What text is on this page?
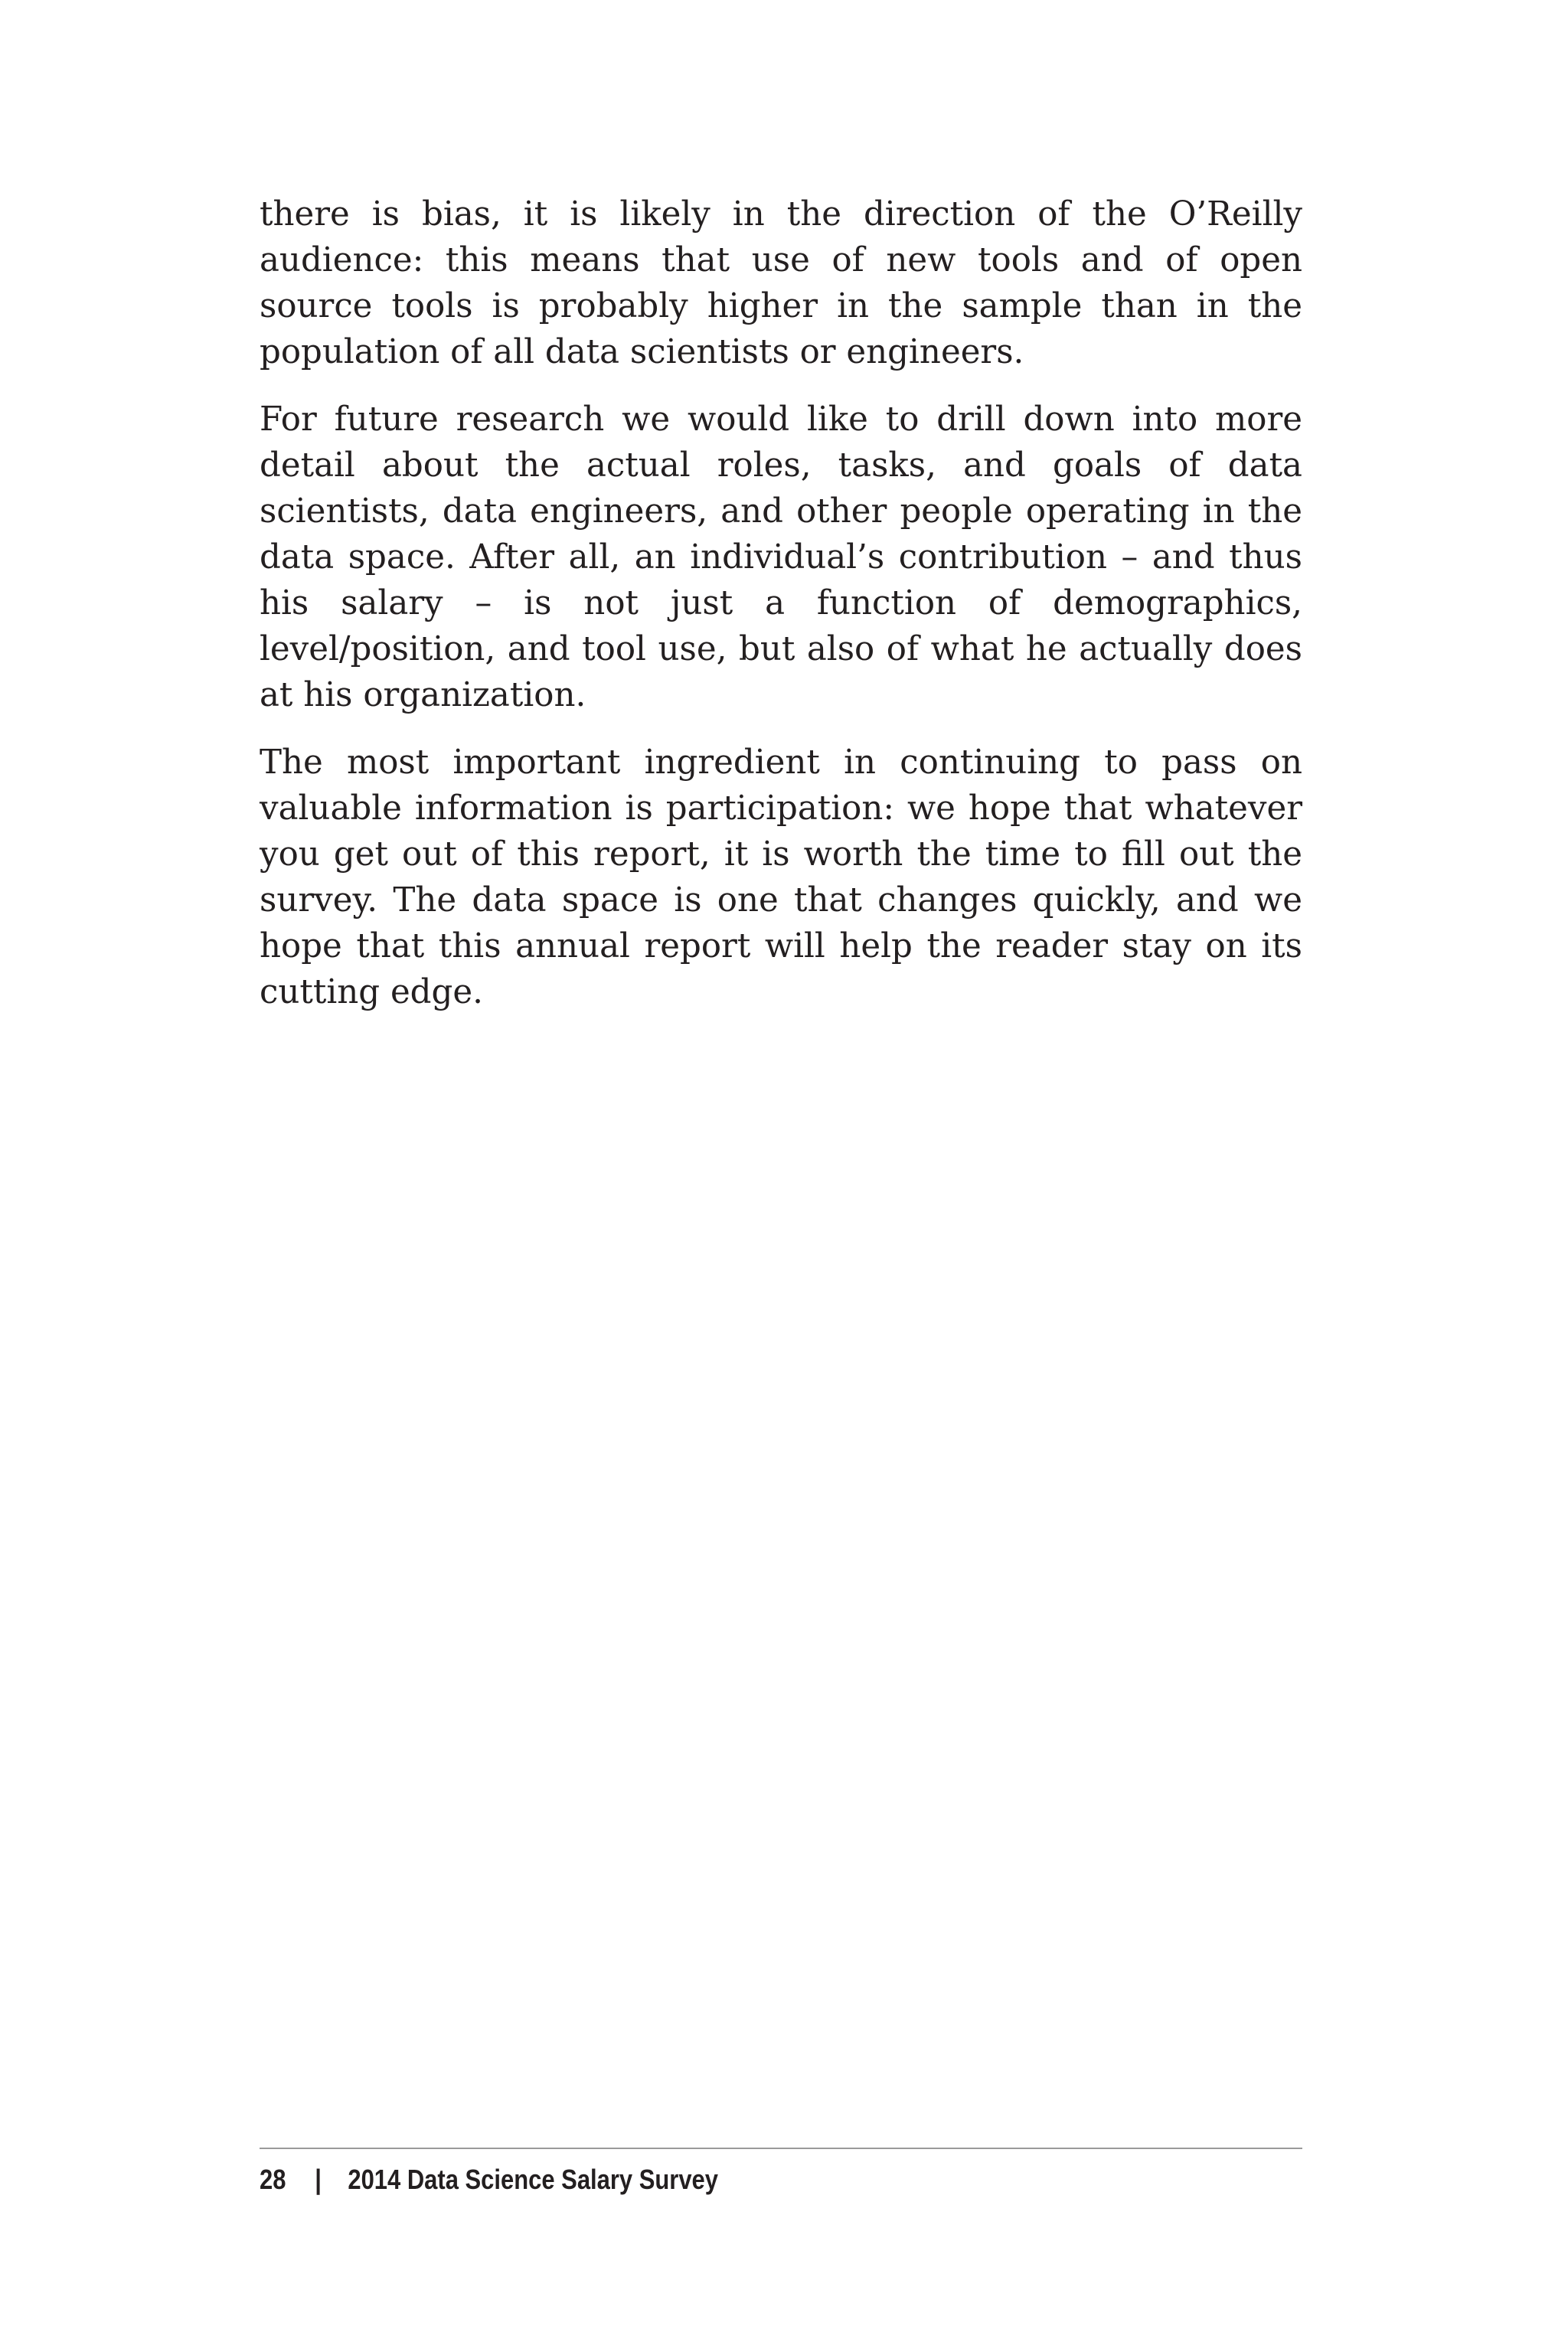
there is bias, it is likely in the direction of the O’Reilly audience: this means that use of new tools and of open source tools is probably higher in the sample than in the population of all data scientists or engineers.

For future research we would like to drill down into more detail about the actual roles, tasks, and goals of data scientists, data engineers, and other people operating in the data space. After all, an individual’s contribution – and thus his salary – is not just a function of demographics, level/position, and tool use, but also of what he actually does at his organization.

The most important ingredient in continuing to pass on valuable information is participation: we hope that whatever you get out of this report, it is worth the time to fill out the survey. The data space is one that changes quickly, and we hope that this annual report will help the reader stay on its cutting edge.

28 | 2014 Data Science Salary Survey
